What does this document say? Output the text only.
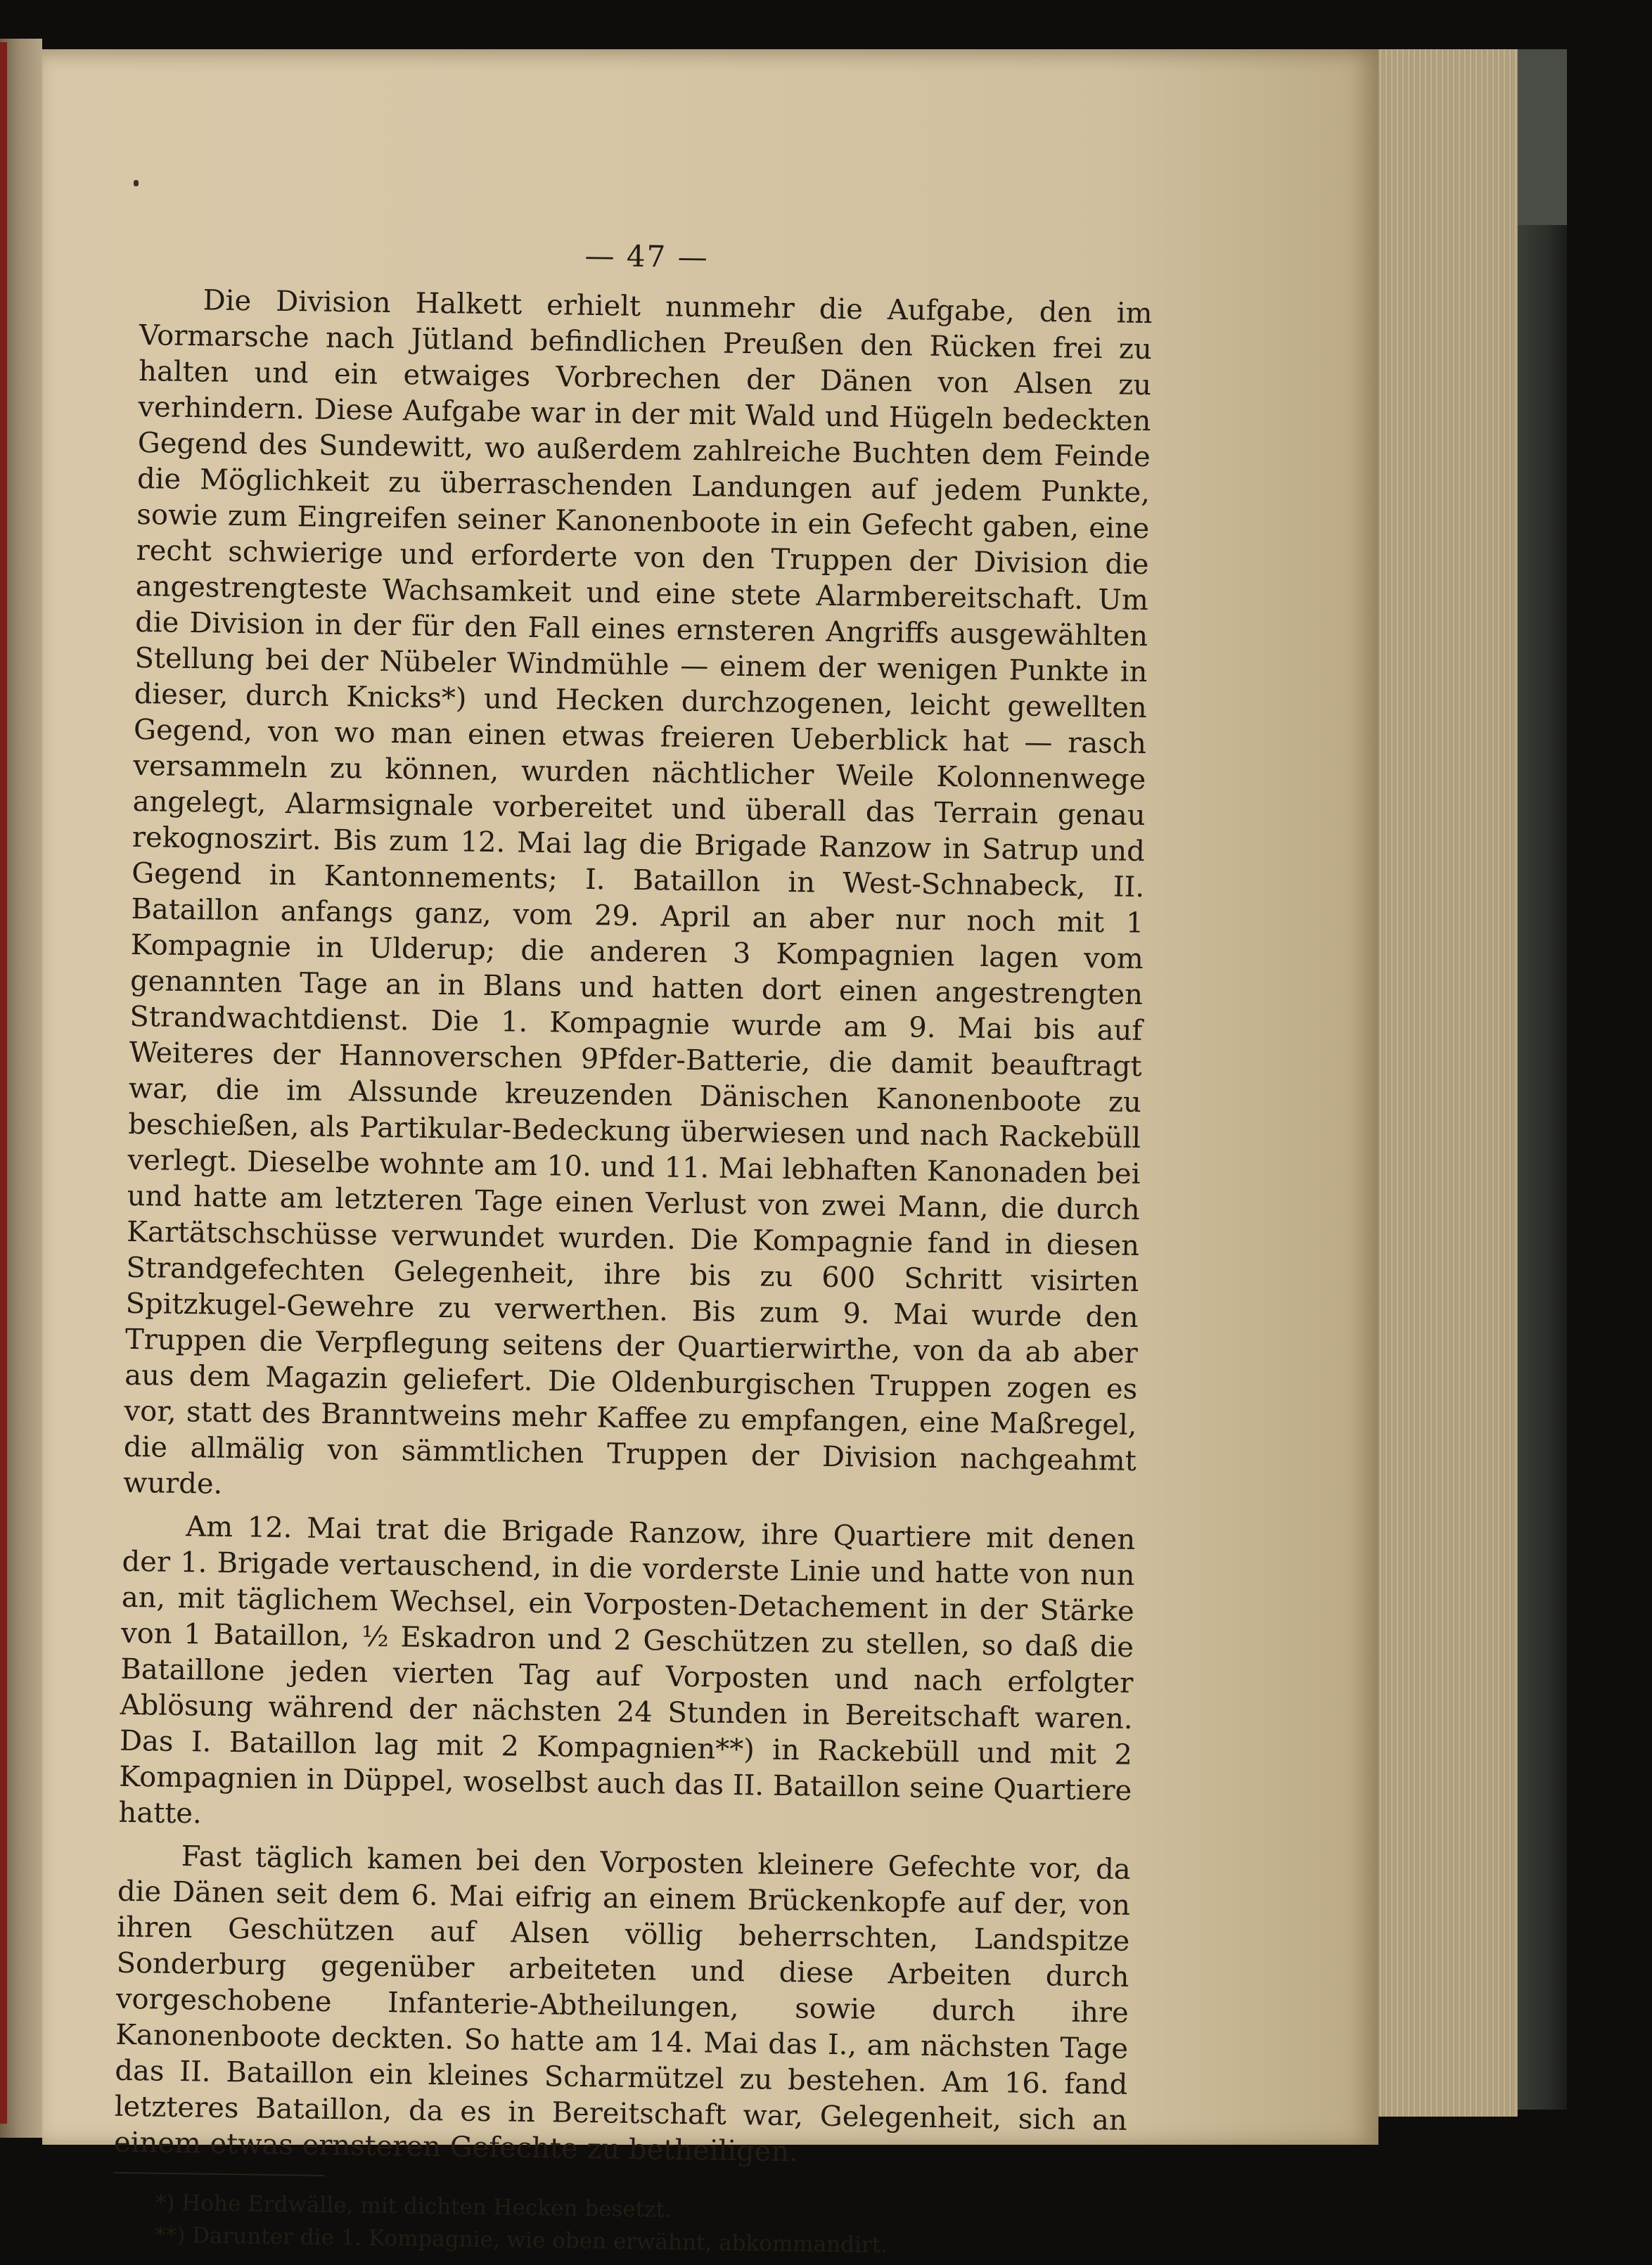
— 47 —

Die Division Halkett erhielt nunmehr die Aufgabe, den im Vormarsche nach Jütland befindlichen Preußen den Rücken frei zu halten und ein etwaiges Vorbrechen der Dänen von Alsen zu verhindern. Diese Aufgabe war in der mit Wald und Hügeln bedeckten Gegend des Sundewitt, wo außerdem zahlreiche Buchten dem Feinde die Möglichkeit zu überraschenden Landungen auf jedem Punkte, sowie zum Eingreifen seiner Kanonenboote in ein Gefecht gaben, eine recht schwierige und erforderte von den Truppen der Division die angestrengteste Wachsamkeit und eine stete Alarmbereitschaft. Um die Division in der für den Fall eines ernsteren Angriffs ausgewählten Stellung bei der Nübeler Windmühle — einem der wenigen Punkte in dieser, durch Knicks*) und Hecken durchzogenen, leicht gewellten Gegend, von wo man einen etwas freieren Ueberblick hat — rasch versammeln zu können, wurden nächtlicher Weile Kolonnenwege angelegt, Alarmsignale vorbereitet und überall das Terrain genau rekognoszirt. Bis zum 12. Mai lag die Brigade Ranzow in Satrup und Gegend in Kantonnements; I. Bataillon in West-Schnabeck, II. Bataillon anfangs ganz, vom 29. April an aber nur noch mit 1 Kompagnie in Ulderup; die anderen 3 Kompagnien lagen vom genannten Tage an in Blans und hatten dort einen angestrengten Strandwachtdienst. Die 1. Kompagnie wurde am 9. Mai bis auf Weiteres der Hannoverschen 9Pfder-Batterie, die damit beauftragt war, die im Alssunde kreuzenden Dänischen Kanonenboote zu beschießen, als Partikular-Bedeckung überwiesen und nach Rackebüll verlegt. Dieselbe wohnte am 10. und 11. Mai lebhaften Kanonaden bei und hatte am letzteren Tage einen Verlust von zwei Mann, die durch Kartätschschüsse verwundet wurden. Die Kompagnie fand in diesen Strandgefechten Gelegenheit, ihre bis zu 600 Schritt visirten Spitzkugel-Gewehre zu verwerthen. Bis zum 9. Mai wurde den Truppen die Verpflegung seitens der Quartierwirthe, von da ab aber aus dem Magazin geliefert. Die Oldenburgischen Truppen zogen es vor, statt des Branntweins mehr Kaffee zu empfangen, eine Maßregel, die allmälig von sämmtlichen Truppen der Division nachgeahmt wurde.

Am 12. Mai trat die Brigade Ranzow, ihre Quartiere mit denen der 1. Brigade vertauschend, in die vorderste Linie und hatte von nun an, mit täglichem Wechsel, ein Vorposten-Detachement in der Stärke von 1 Bataillon, ½ Eskadron und 2 Geschützen zu stellen, so daß die Bataillone jeden vierten Tag auf Vorposten und nach erfolgter Ablösung während der nächsten 24 Stunden in Bereitschaft waren. Das I. Bataillon lag mit 2 Kompagnien**) in Rackebüll und mit 2 Kompagnien in Düppel, woselbst auch das II. Bataillon seine Quartiere hatte.

Fast täglich kamen bei den Vorposten kleinere Gefechte vor, da die Dänen seit dem 6. Mai eifrig an einem Brückenkopfe auf der, von ihren Geschützen auf Alsen völlig beherrschten, Landspitze Sonderburg gegenüber arbeiteten und diese Arbeiten durch vorgeschobene Infanterie-Abtheilungen, sowie durch ihre Kanonenboote deckten. So hatte am 14. Mai das I., am nächsten Tage das II. Bataillon ein kleines Scharmützel zu bestehen. Am 16. fand letzteres Bataillon, da es in Bereitschaft war, Gelegenheit, sich an einem etwas ernsteren Gefechte zu betheiligen.

*) Hohe Erdwälle, mit dichten Hecken besetzt.

**) Darunter die 1. Kompagnie, wie oben erwähnt, abkommandirt.
